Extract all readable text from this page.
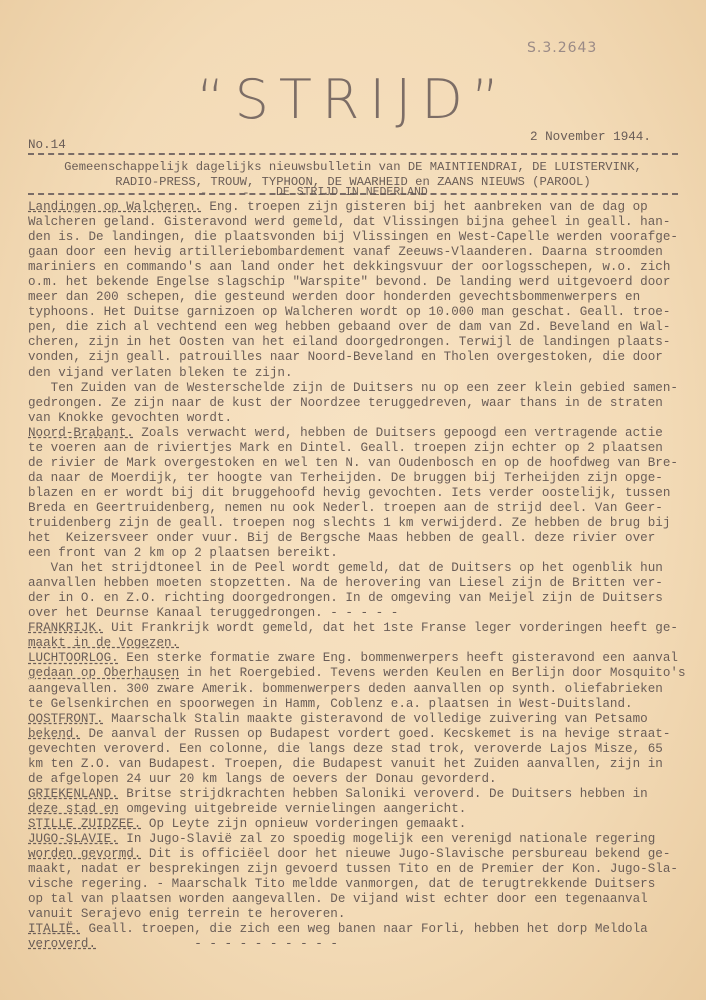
S.3.2643
“STRIJD”
No.14
2 November 1944.
Gemeenschappelijk dagelijks nieuwsbulletin van DE MAINTIENDRAI, DE LUISTERVINK,
RADIO-PRESS, TROUW, TYPHOON, DE WAARHEID en ZAANS NIEUWS (PAROOL)
- - DE STRIJD IN NEDERLAND
Landingen op Walcheren. Eng. troepen zijn gisteren bij het aanbreken van de dag op
Walcheren geland. Gisteravond werd gemeld, dat Vlissingen bijna geheel in geall. han-
den is. De landingen, die plaatsvonden bij Vlissingen en West-Capelle werden voorafge-
gaan door een hevig artilleriebombardement vanaf Zeeuws-Vlaanderen. Daarna stroomden
mariniers en commando's aan land onder het dekkingsvuur der oorlogsschepen, w.o. zich
o.m. het bekende Engelse slagschip "Warspite" bevond. De landing werd uitgevoerd door
meer dan 200 schepen, die gesteund werden door honderden gevechtsbommenwerpers en
typhoons. Het Duitse garnizoen op Walcheren wordt op 10.000 man geschat. Geall. troe-
pen, die zich al vechtend een weg hebben gebaand over de dam van Zd. Beveland en Wal-
cheren, zijn in het Oosten van het eiland doorgedrongen. Terwijl de landingen plaats-
vonden, zijn geall. patrouilles naar Noord-Beveland en Tholen overgestoken, die door
den vijand verlaten bleken te zijn.
Ten Zuiden van de Westerschelde zijn de Duitsers nu op een zeer klein gebied samen-
gedrongen. Ze zijn naar de kust der Noordzee teruggedreven, waar thans in de straten
van Knokke gevochten wordt.
Noord-Brabant. Zoals verwacht werd, hebben de Duitsers gepoogd een vertragende actie
te voeren aan de riviertjes Mark en Dintel. Geall. troepen zijn echter op 2 plaatsen
de rivier de Mark overgestoken en wel ten N. van Oudenbosch en op de hoofdweg van Bre-
da naar de Moerdijk, ter hoogte van Terheijden. De bruggen bij Terheijden zijn opge-
blazen en er wordt bij dit bruggehoofd hevig gevochten. Iets verder oostelijk, tussen
Breda en Geertruidenberg, nemen nu ook Nederl. troepen aan de strijd deel. Van Geer-
truidenberg zijn de geall. troepen nog slechts 1 km verwijderd. Ze hebben de brug bij
het  Keizersveer onder vuur. Bij de Bergsche Maas hebben de geall. deze rivier over
een front van 2 km op 2 plaatsen bereikt.
Van het strijdtoneel in de Peel wordt gemeld, dat de Duitsers op het ogenblik hun
aanvallen hebben moeten stopzetten. Na de herovering van Liesel zijn de Britten ver-
der in O. en Z.O. richting doorgedrongen. In de omgeving van Meijel zijn de Duitsers
over het Deurnse Kanaal teruggedrongen. - - - - -
FRANKRIJK. Uit Frankrijk wordt gemeld, dat het 1ste Franse leger vorderingen heeft ge-
maakt in de Vogezen.
LUCHTOORLOG. Een sterke formatie zware Eng. bommenwerpers heeft gisteravond een aanval
gedaan op Oberhausen in het Roergebied. Tevens werden Keulen en Berlijn door Mosquito's
aangevallen. 300 zware Amerik. bommenwerpers deden aanvallen op synth. oliefabrieken
te Gelsenkirchen en spoorwegen in Hamm, Coblenz e.a. plaatsen in West-Duitsland.
OOSTFRONT. Maarschalk Stalin maakte gisteravond de volledige zuivering van Petsamo
bekend. De aanval der Russen op Budapest vordert goed. Kecskemet is na hevige straat-
gevechten veroverd. Een colonne, die langs deze stad trok, veroverde Lajos Misze, 65
km ten Z.O. van Budapest. Troepen, die Budapest vanuit het Zuiden aanvallen, zijn in
de afgelopen 24 uur 20 km langs de oevers der Donau gevorderd.
GRIEKENLAND. Britse strijdkrachten hebben Saloniki veroverd. De Duitsers hebben in
deze stad en omgeving uitgebreide vernielingen aangericht.
STILLE ZUIDZEE. Op Leyte zijn opnieuw vorderingen gemaakt.
JUGO-SLAVIE. In Jugo-Slavië zal zo spoedig mogelijk een verenigd nationale regering
worden gevormd. Dit is officiëel door het nieuwe Jugo-Slavische persbureau bekend ge-
maakt, nadat er besprekingen zijn gevoerd tussen Tito en de Premier der Kon. Jugo-Sla-
vische regering. - Maarschalk Tito meldde vanmorgen, dat de terugtrekkende Duitsers
op tal van plaatsen worden aangevallen. De vijand wist echter door een tegenaanval
vanuit Serajevo enig terrein te heroveren.
ITALIË. Geall. troepen, die zich een weg banen naar Forli, hebben het dorp Meldola
veroverd.             - - - - - - - - - -
